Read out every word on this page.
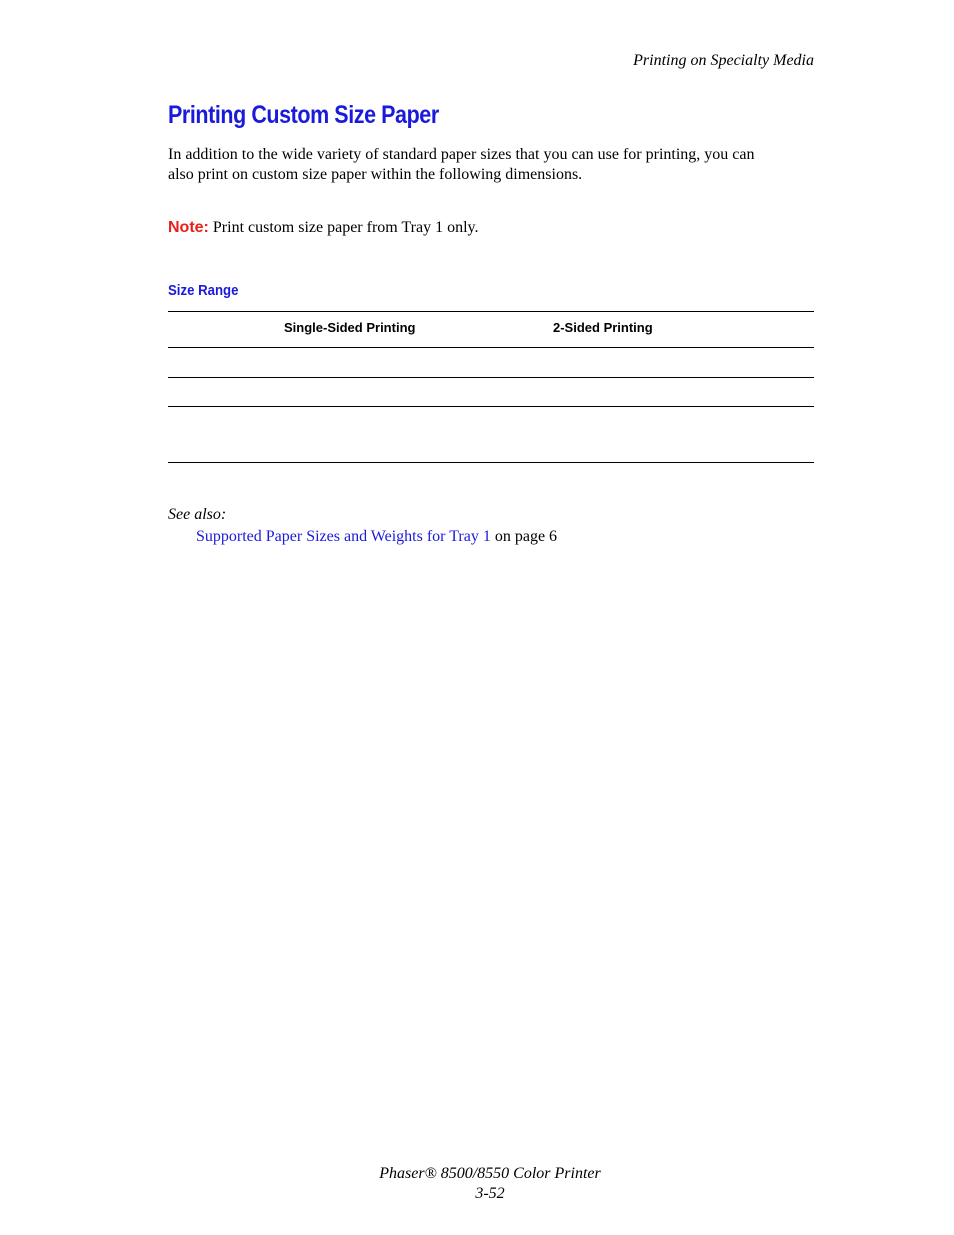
Printing on Specialty Media
Printing Custom Size Paper

In addition to the wide variety of standard paper sizes that you can use for printing, you can
also print on custom size paper within the following dimensions.

Note: Print custom size paper from Tray 1 only.

Size Range
Single-Sided Printing	2-Sided Printing
See also:
Supported Paper Sizes and Weights for Tray 1 on page 6
Phaser® 8500/8550 Color Printer
3-52
